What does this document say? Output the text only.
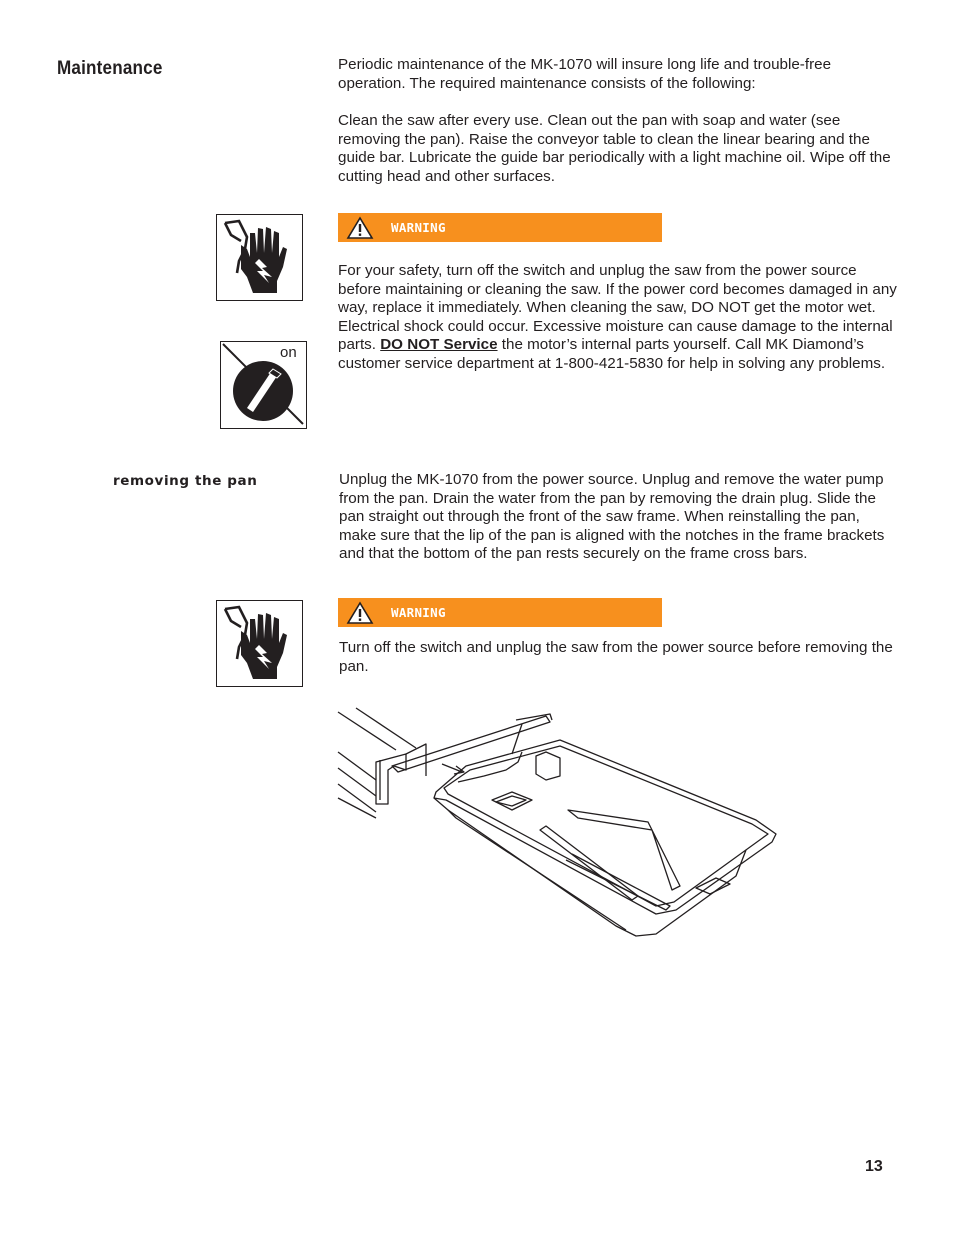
Maintenance	Periodic maintenance of the MK-1070 will insure long life and trouble-free operation. The required maintenance consists of the following:

Clean the saw after every use. Clean out the pan with soap and water (see removing the pan). Raise the conveyor table to clean the linear bearing and the guide bar. Lubricate the guide bar periodically with a light machine oil. Wipe off the cutting head and other surfaces.

WARNING

For your safety, turn off the switch and unplug the saw from the power source before maintaining or cleaning the saw. If the power cord becomes damaged in any way, replace it immediately. When cleaning the saw, DO NOT get the motor wet. Electrical shock could occur. Excessive moisture can cause damage to the internal parts. DO NOT Service the motor’s internal parts yourself. Call MK Diamond’s customer service department at 1-800-421-5830 for help in solving any problems.

on
removing the pan	Unplug the MK-1070 from the power source. Unplug and remove the water pump from the pan. Drain the water from the pan by removing the drain plug. Slide the pan straight out through the front of the saw frame. When reinstalling the pan, make sure that the lip of the pan is aligned with the notches in the frame brackets and that the bottom of the pan rests securely on the frame cross bars.

WARNING

Turn off the switch and unplug the saw from the power source before removing the pan.

13
